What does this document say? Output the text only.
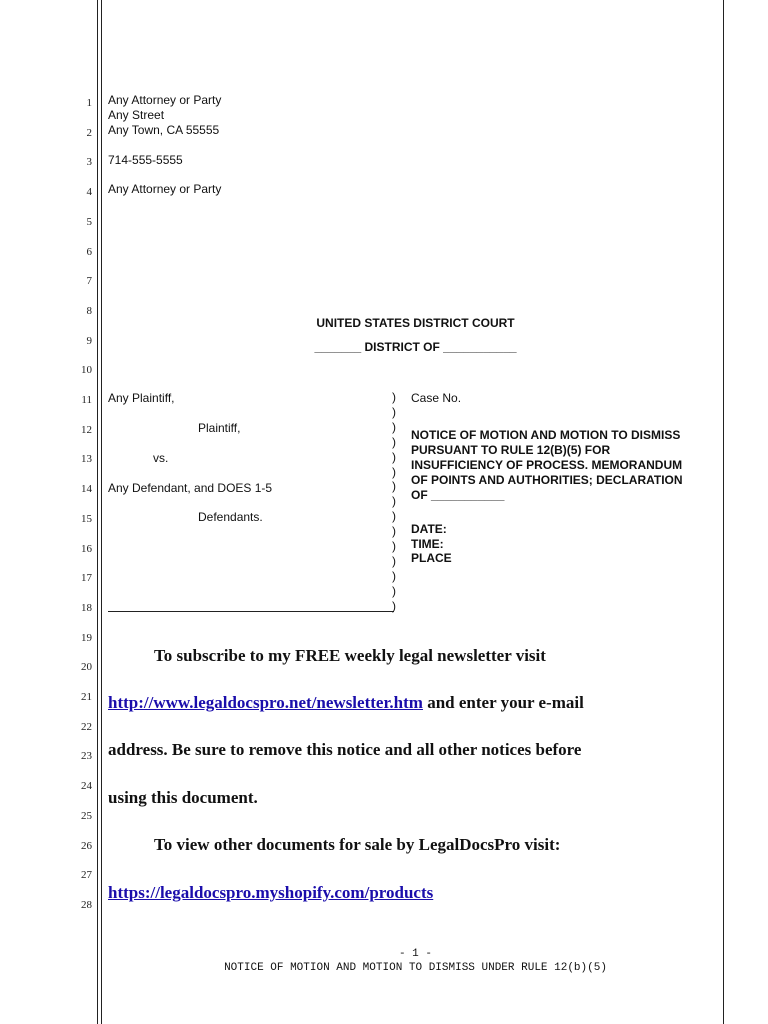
1
2
3
4
5
6
7
8
9
10
11
12
13
14
15
16
17
18
19
20
21
22
23
24
25
26
27
28
Any Attorney or Party
Any Street
Any Town, CA 55555
714-555-5555
Any Attorney or Party
UNITED STATES DISTRICT COURT
_______ DISTRICT OF ___________
Any Plaintiff,
Plaintiff,
vs.
Any Defendant, and DOES 1-5
Defendants.
)
)
)
)
)
)
)
)
)
)
)
)
)
)
)
Case No.
NOTICE OF MOTION AND MOTION TO DISMISS
PURSUANT TO RULE 12(B)(5) FOR
INSUFFICIENCY OF PROCESS. MEMORANDUM
OF POINTS AND AUTHORITIES; DECLARATION
OF ___________
DATE:
TIME:
PLACE
To subscribe to my FREE weekly legal newsletter visit
http://www.legaldocspro.net/newsletter.htm and enter your e-mail
address. Be sure to remove this notice and all other notices before
using this document.
To view other documents for sale by LegalDocsPro visit:
https://legaldocspro.myshopify.com/products
- 1 -
NOTICE OF MOTION AND MOTION TO DISMISS UNDER RULE 12(b)(5)
